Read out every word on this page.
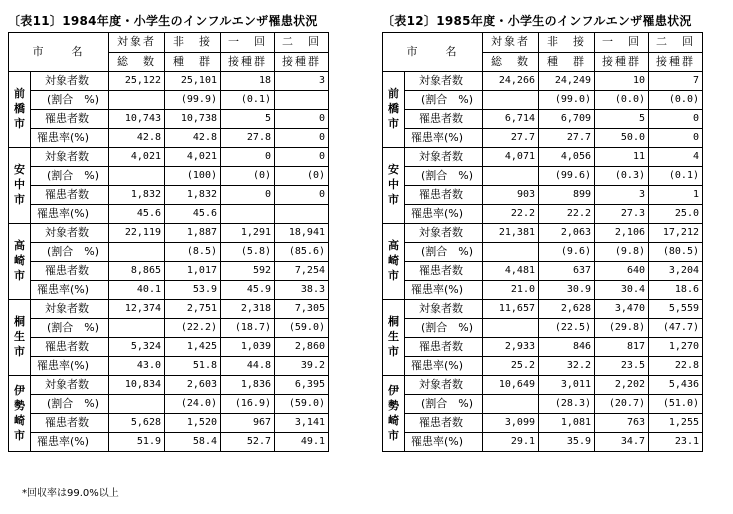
〔表11〕1984年度・小学生のインフルエンザ罹患状況
市　　名		対象者	非　接	一　回	二　回
		総　数	種　群	接種群	接種群
前橋市	対象者数	25,122	25,101	18	3
	(割合　%)		(99.9)	(0.1)	
	罹患者数	10,743	10,738	5	0
	罹患率(%)	42.8	42.8	27.8	0
安中市	対象者数	4,021	4,021	0	0
	(割合　%)		(100)	(0)	(0)
	罹患者数	1,832	1,832	0	0
	罹患率(%)	45.6	45.6		
高崎市	対象者数	22,119	1,887	1,291	18,941
	(割合　%)		(8.5)	(5.8)	(85.6)
	罹患者数	8,865	1,017	592	7,254
	罹患率(%)	40.1	53.9	45.9	38.3
桐生市	対象者数	12,374	2,751	2,318	7,305
	(割合　%)		(22.2)	(18.7)	(59.0)
	罹患者数	5,324	1,425	1,039	2,860
	罹患率(%)	43.0	51.8	44.8	39.2
伊勢崎市	対象者数	10,834	2,603	1,836	6,395
	(割合　%)		(24.0)	(16.9)	(59.0)
	罹患者数	5,628	1,520	967	3,141
	罹患率(%)	51.9	58.4	52.7	49.1
〔表12〕1985年度・小学生のインフルエンザ罹患状況
市　　名		対象者	非　接	一　回	二　回
		総　数	種　群	接種群	接種群
前橋市	対象者数	24,266	24,249	10	7
	(割合　%)		(99.0)	(0.0)	(0.0)
	罹患者数	6,714	6,709	5	0
	罹患率(%)	27.7	27.7	50.0	0
安中市	対象者数	4,071	4,056	11	4
	(割合　%)		(99.6)	(0.3)	(0.1)
	罹患者数	903	899	3	1
	罹患率(%)	22.2	22.2	27.3	25.0
高崎市	対象者数	21,381	2,063	2,106	17,212
	(割合　%)		(9.6)	(9.8)	(80.5)
	罹患者数	4,481	637	640	3,204
	罹患率(%)	21.0	30.9	30.4	18.6
桐生市	対象者数	11,657	2,628	3,470	5,559
	(割合　%)		(22.5)	(29.8)	(47.7)
	罹患者数	2,933	846	817	1,270
	罹患率(%)	25.2	32.2	23.5	22.8
伊勢崎市	対象者数	10,649	3,011	2,202	5,436
	(割合　%)		(28.3)	(20.7)	(51.0)
	罹患者数	3,099	1,081	763	1,255
	罹患率(%)	29.1	35.9	34.7	23.1
*回収率は99.0%以上
